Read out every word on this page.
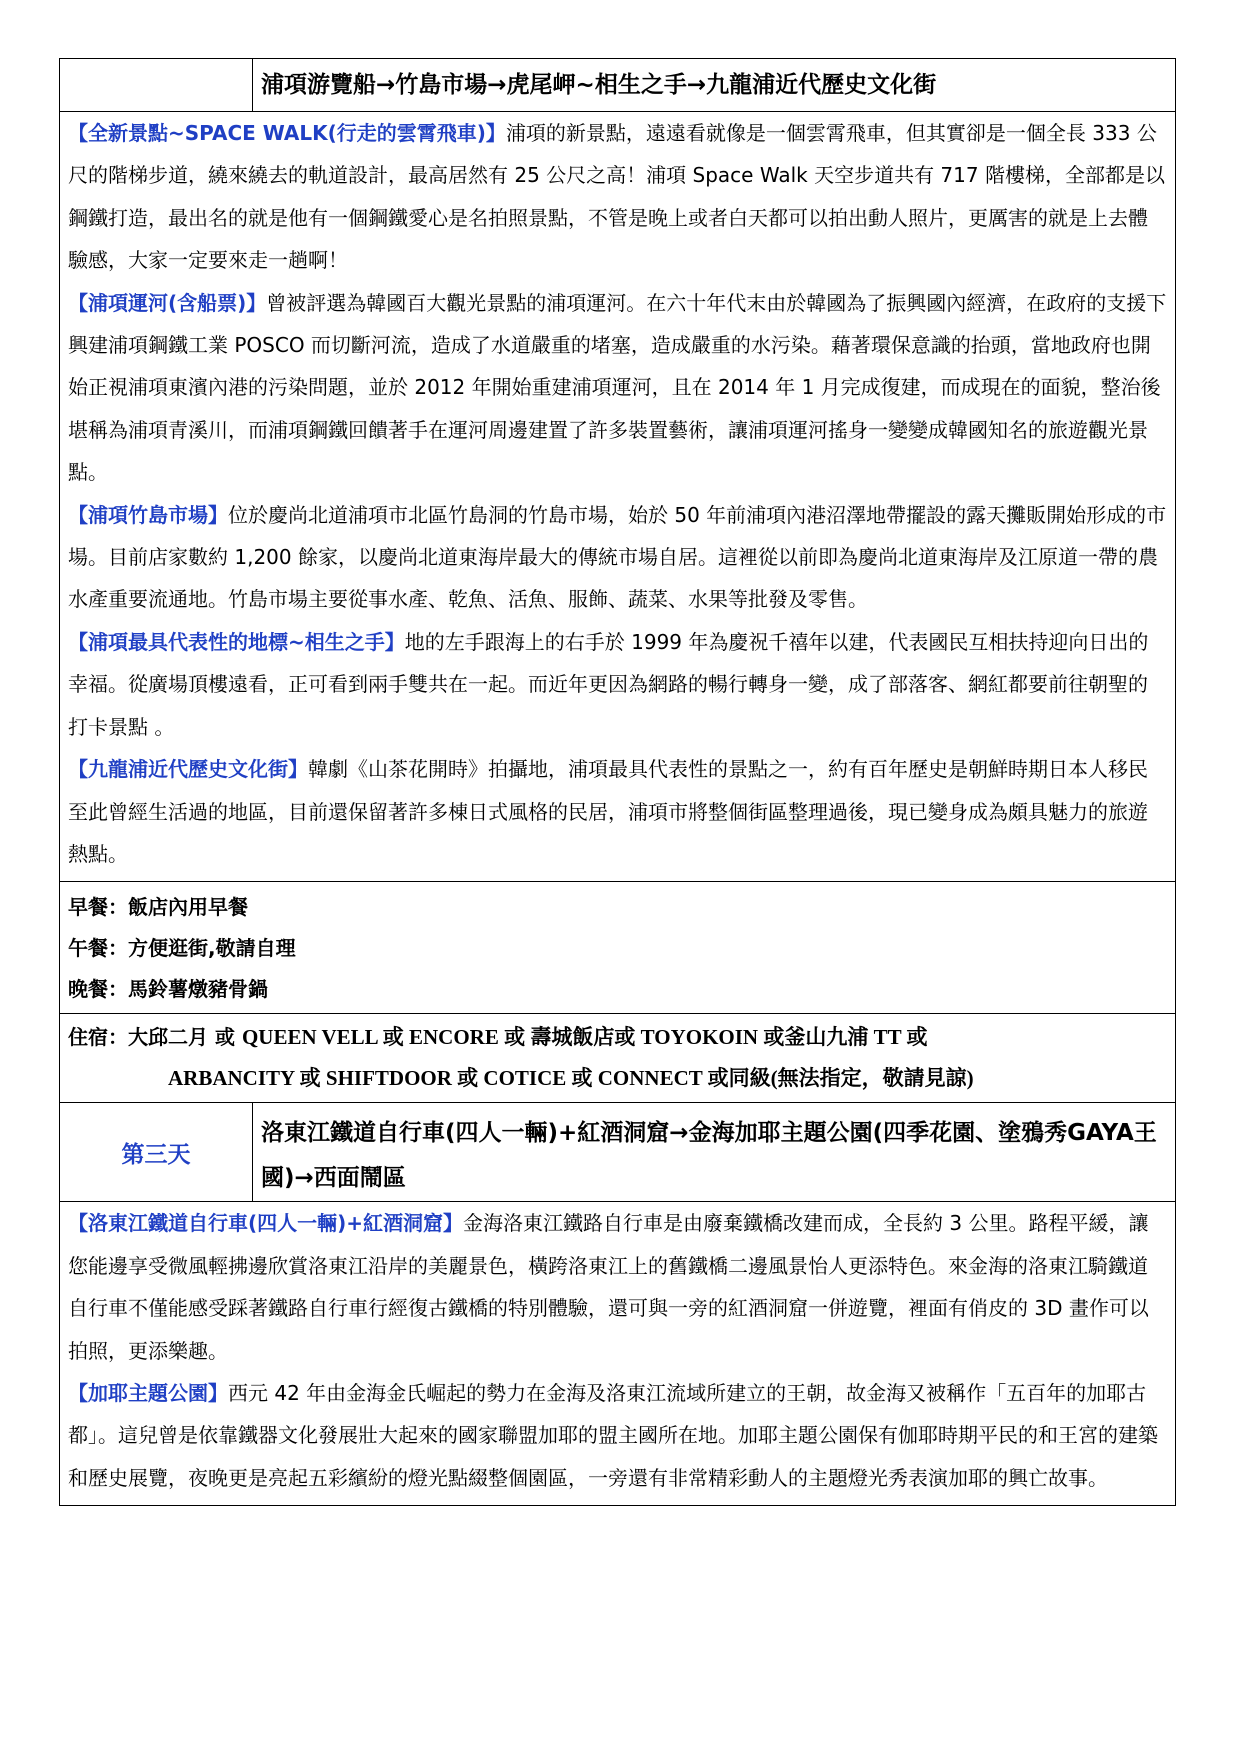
	浦項游覽船→竹島市場→虎尾岬~相生之手→九龍浦近代歷史文化街

【全新景點~SPACE WALK(行走的雲霄飛車)】浦項的新景點，遠遠看就像是一個雲霄飛車，但其實卻是一個全長 333 公尺的階梯步道，繞來繞去的軌道設計，最高居然有 25 公尺之高！浦項 Space Walk 天空步道共有 717 階樓梯，全部都是以鋼鐵打造，最出名的就是他有一個鋼鐵愛心是名拍照景點，不管是晚上或者白天都可以拍出動人照片，更厲害的就是上去體驗感，大家一定要來走一趟啊！

【浦項運河(含船票)】曾被評選為韓國百大觀光景點的浦項運河。在六十年代末由於韓國為了振興國內經濟，在政府的支援下興建浦項鋼鐵工業 POSCO 而切斷河流，造成了水道嚴重的堵塞，造成嚴重的水污染。藉著環保意識的抬頭，當地政府也開始正視浦項東濱內港的污染問題，並於 2012 年開始重建浦項運河，且在 2014 年 1 月完成復建，而成現在的面貌，整治後堪稱為浦項青溪川，而浦項鋼鐵回饋著手在運河周邊建置了許多裝置藝術，讓浦項運河搖身一變變成韓國知名的旅遊觀光景點。

【浦項竹島市場】位於慶尚北道浦項市北區竹島洞的竹島市場，始於 50 年前浦項內港沼澤地帶擺設的露天攤販開始形成的市場。目前店家數約 1,200 餘家，以慶尚北道東海岸最大的傳統市場自居。這裡從以前即為慶尚北道東海岸及江原道一帶的農水產重要流通地。竹島市場主要從事水產、乾魚、活魚、服飾、蔬菜、水果等批發及零售。

【浦項最具代表性的地標~相生之手】地的左手跟海上的右手於 1999 年為慶祝千禧年以建，代表國民互相扶持迎向日出的幸福。從廣場頂樓遠看，正可看到兩手雙共在一起。而近年更因為網路的暢行轉身一變，成了部落客、網紅都要前往朝聖的打卡景點 。

【九龍浦近代歷史文化街】韓劇《山茶花開時》拍攝地，浦項最具代表性的景點之一，約有百年歷史是朝鮮時期日本人移民至此曾經生活過的地區，目前還保留著許多棟日式風格的民居，浦項市將整個街區整理過後，現已變身成為頗具魅力的旅遊熱點。	

早餐：飯店內用早餐
午餐：方便逛街,敬請自理
晚餐：馬鈴薯燉豬骨鍋	

住宿：大邱二月 或 QUEEN VELL 或 ENCORE 或 壽城飯店或 TOYOKOIN 或釜山九浦 TT 或
ARBANCITY 或 SHIFTDOOR 或 COTICE 或 CONNECT 或同級(無法指定，敬請見諒)	

第三天	洛東江鐵道自行車(四人一輛)+紅酒洞窟→金海加耶主題公園(四季花園、塗鴉秀GAYA王國)→西面鬧區

【洛東江鐵道自行車(四人一輛)+紅酒洞窟】金海洛東江鐵路自行車是由廢棄鐵橋改建而成，全長約 3 公里。路程平緩，讓您能邊享受微風輕拂邊欣賞洛東江沿岸的美麗景色，橫跨洛東江上的舊鐵橋二邊風景怡人更添特色。來金海的洛東江騎鐵道自行車不僅能感受踩著鐵路自行車行經復古鐵橋的特別體驗，還可與一旁的紅酒洞窟一併遊覽，裡面有俏皮的 3D 畫作可以拍照，更添樂趣。

【加耶主題公園】西元 42 年由金海金氏崛起的勢力在金海及洛東江流域所建立的王朝，故金海又被稱作「五百年的加耶古都」。這兒曾是依靠鐵器文化發展壯大起來的國家聯盟加耶的盟主國所在地。加耶主題公園保有伽耶時期平民的和王宮的建築和歷史展覽，夜晚更是亮起五彩繽紛的燈光點綴整個園區，一旁還有非常精彩動人的主題燈光秀表演加耶的興亡故事。	
